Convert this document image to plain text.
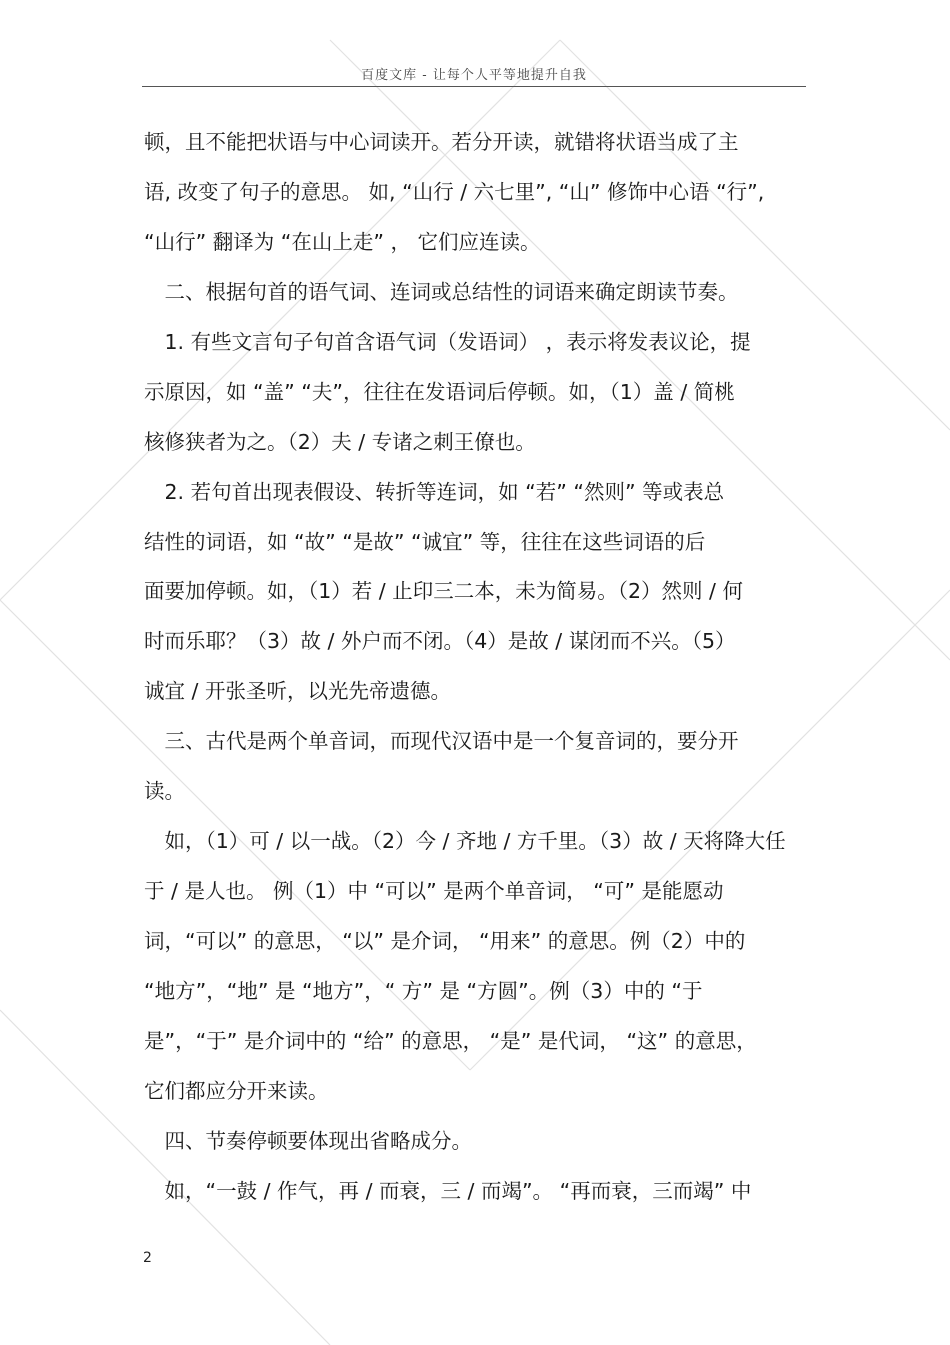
百度文库 - 让每个人平等地提升自我
顿，且不能把状语与中心词读开。若分开读，就错将状语当成了主
语, 改变了句子的意思。 如, “山行 / 六七里”, “山” 修饰中心语 “行”,
“山行” 翻译为 “在山上走” ， 它们应连读。
　二、根据句首的语气词、连词或总结性的词语来确定朗读节奏。
　1. 有些文言句子句首含语气词（发语词） ，表示将发表议论，提
示原因，如 “盖” “夫”，往往在发语词后停顿。如，（1）盖 / 简桃
核修狭者为之。（2）夫 / 专诸之刺王僚也。
　2. 若句首出现表假设、转折等连词，如 “若” “然则” 等或表总
结性的词语，如 “故” “是故” “诚宜” 等，往往在这些词语的后
面要加停顿。如，（1）若 / 止印三二本，未为简易。（2）然则 / 何
时而乐耶？（3）故 / 外户而不闭。（4）是故 / 谋闭而不兴。（5）
诚宜 / 开张圣听，以光先帝遗德。
　三、古代是两个单音词，而现代汉语中是一个复音词的，要分开
读。
　如，（1）可 / 以一战。（2）今 / 齐地 / 方千里。（3）故 / 天将降大任
于 / 是人也。 例（1）中 “可以” 是两个单音词， “可” 是能愿动
词，“可以” 的意思， “以” 是介词， “用来” 的意思。例（2）中的
“地方”，“地” 是 “地方”，“ 方” 是 “方圆”。例（3）中的 “于
是”，“于” 是介词中的 “给” 的意思， “是” 是代词， “这” 的意思，
它们都应分开来读。
　四、节奏停顿要体现出省略成分。
　如，“一鼓 / 作气，再 / 而衰，三 / 而竭”。 “再而衰，三而竭” 中
2
